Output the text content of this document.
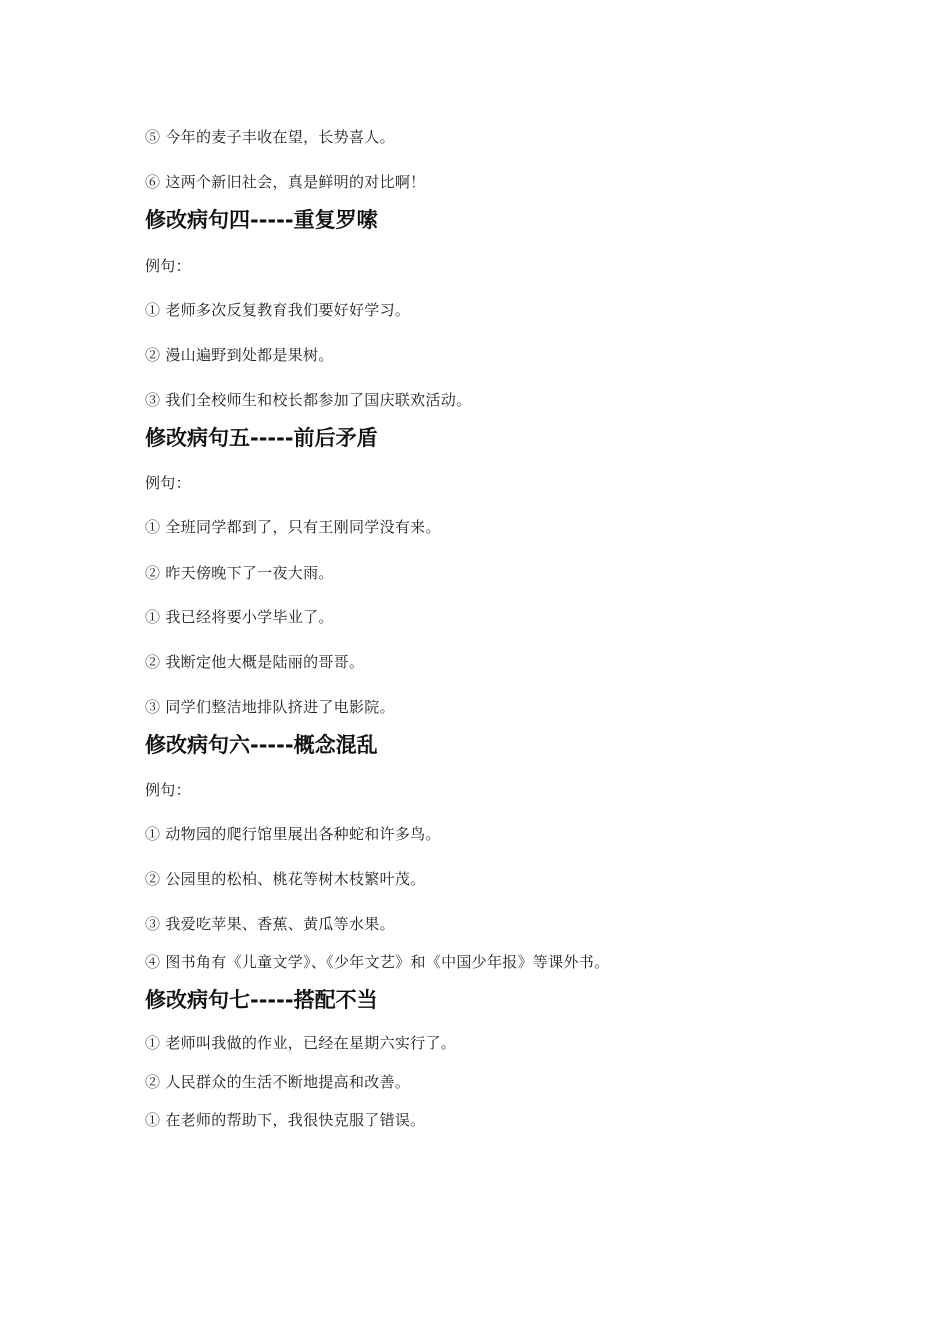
⑤ 今年的麦子丰收在望，长势喜人。
⑥ 这两个新旧社会，真是鲜明的对比啊！
修改病句四-----重复罗嗦
例句：
① 老师多次反复教育我们要好好学习。
② 漫山遍野到处都是果树。
③ 我们全校师生和校长都参加了国庆联欢活动。
修改病句五-----前后矛盾
例句：
① 全班同学都到了，只有王刚同学没有来。
② 昨天傍晚下了一夜大雨。
① 我已经将要小学毕业了。
② 我断定他大概是陆丽的哥哥。
③ 同学们整洁地排队挤进了电影院。
修改病句六-----概念混乱
例句：
① 动物园的爬行馆里展出各种蛇和许多鸟。
② 公园里的松柏、桃花等树木枝繁叶茂。
③ 我爱吃苹果、香蕉、黄瓜等水果。
④ 图书角有《儿童文学》、《少年文艺》和《中国少年报》等课外书。
修改病句七-----搭配不当
① 老师叫我做的作业，已经在星期六实行了。
② 人民群众的生活不断地提高和改善。
① 在老师的帮助下，我很快克服了错误。
